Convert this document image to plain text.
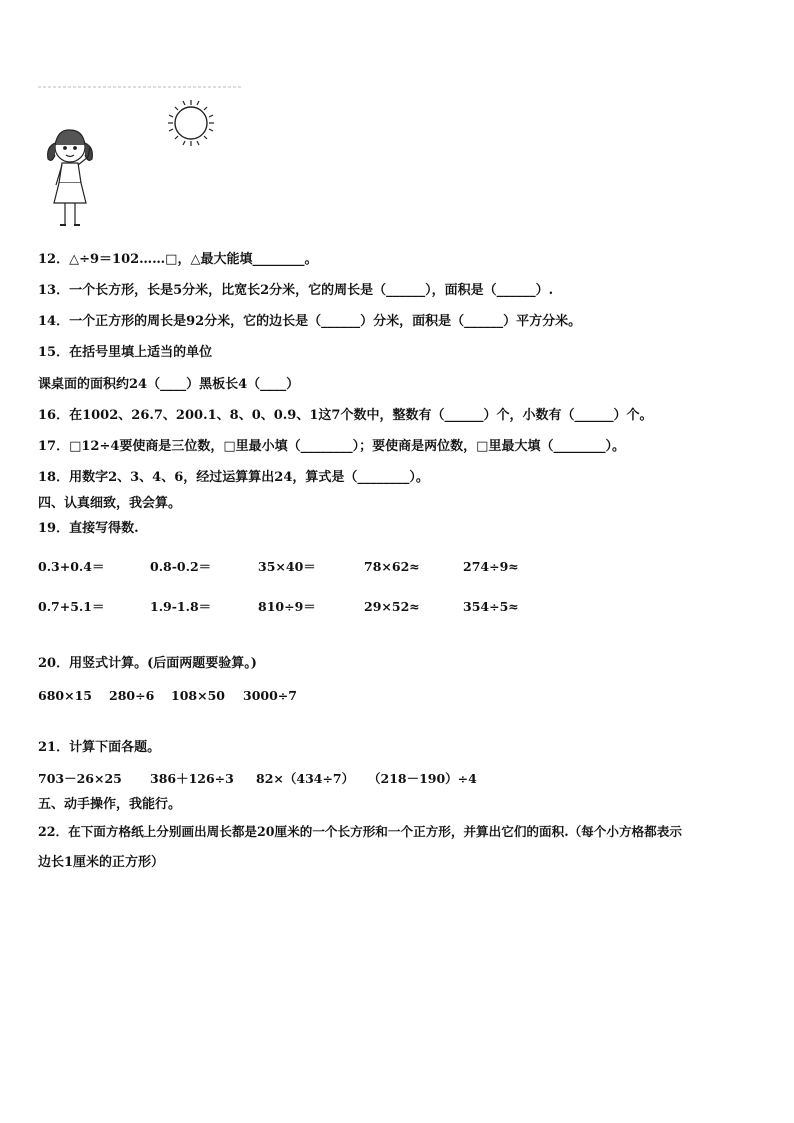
12．△÷9＝102……□，△最大能填________。
13．一个长方形，长是5分米，比宽长2分米，它的周长是（______），面积是（______）.
14．一个正方形的周长是92分米，它的边长是（______）分米，面积是（______）平方分米。
15．在括号里填上适当的单位
课桌面的面积约24（____）黑板长4（____）
16．在1002、26.7、200.1、8、0、0.9、1这7个数中，整数有（______）个，小数有（______）个。
17．□12÷4要使商是三位数，□里最小填（________）；要使商是两位数，□里最大填（________）。
18．用数字2、3、4、6，经过运算算出24，算式是（________）。
四、认真细致，我会算。
19．直接写得数.
0.3+0.4＝	0.8-0.2＝	35×40＝	78×62≈	274÷9≈
0.7+5.1＝	1.9-1.8＝	810÷9＝	29×52≈	354÷5≈
20．用竖式计算。(后面两题要验算。)
680×15 280÷6 108×50 3000÷7
21．计算下面各题。
703－26×25 386＋126÷3 82×（434÷7） （218－190）÷4
五、动手操作，我能行。
22．在下面方格纸上分别画出周长都是20厘米的一个长方形和一个正方形，并算出它们的面积.（每个小方格都表示
边长1厘米的正方形）
